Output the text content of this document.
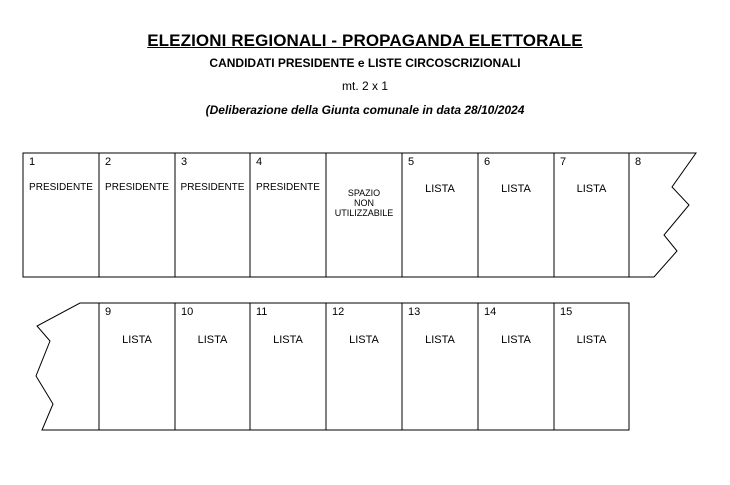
ELEZIONI REGIONALI - PROPAGANDA ELETTORALE
CANDIDATI PRESIDENTE e LISTE CIRCOSCRIZIONALI
mt. 2 x 1
(Deliberazione della Giunta comunale in data 28/10/2024
1
PRESIDENTE
2
PRESIDENTE
3
PRESIDENTE
4
PRESIDENTE	SPAZIO
NON
UTILIZZABILE
5
LISTA
6
LISTA
7
LISTA
8
9
LISTA
10
LISTA
11
LISTA
12
LISTA
13
LISTA
14
LISTA
15
LISTA
